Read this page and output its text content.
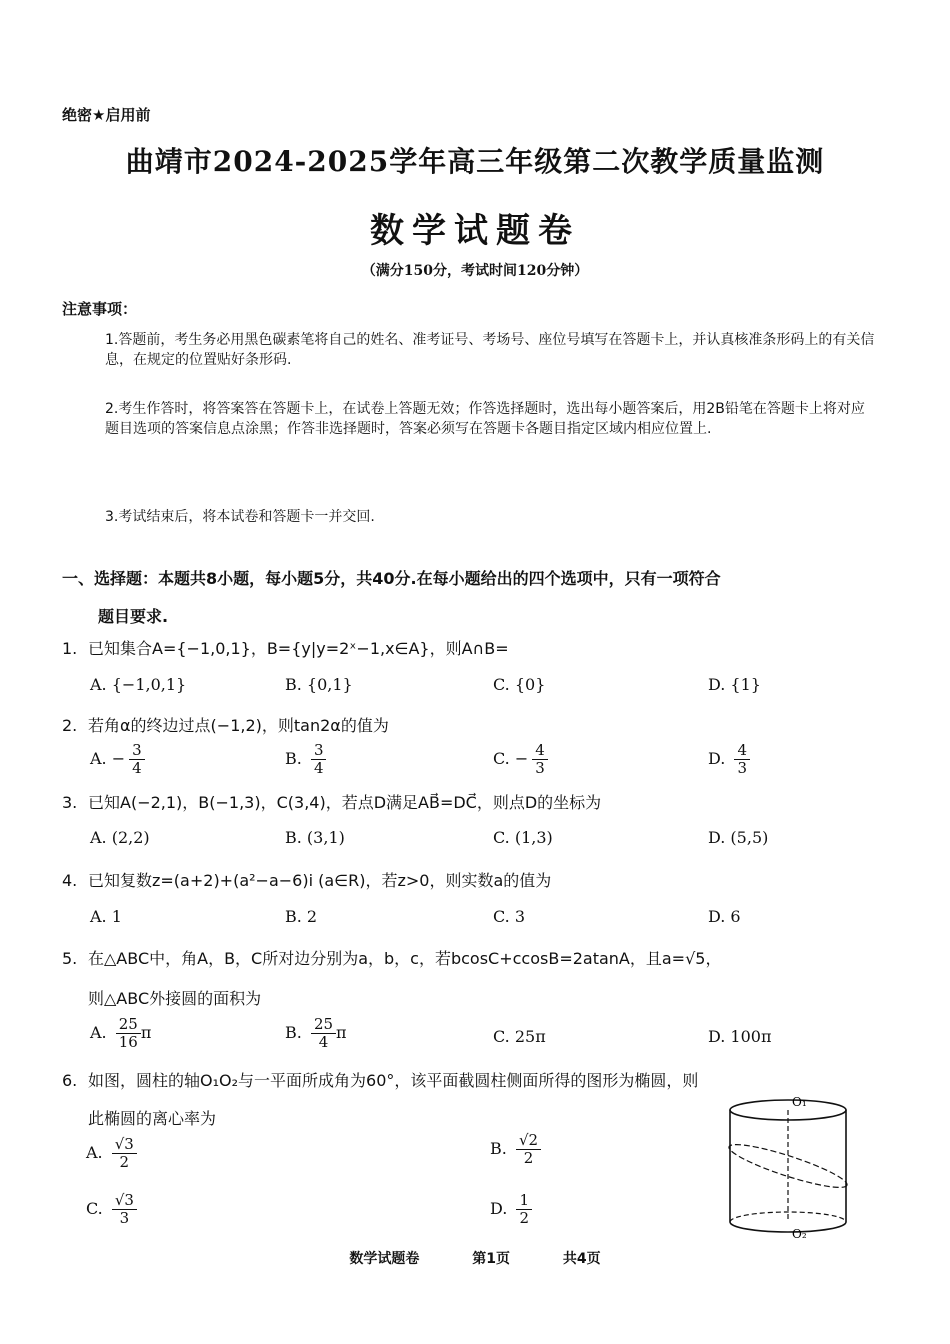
绝密★启用前
曲靖市2024-2025学年高三年级第二次教学质量监测
数学试题卷
（满分150分，考试时间120分钟）
注意事项：
1.答题前，考生务必用黑色碳素笔将自己的姓名、准考证号、考场号、座位号填写在答题卡上，并认真核准条形码上的有关信息，在规定的位置贴好条形码.
2.考生作答时，将答案答在答题卡上，在试卷上答题无效；作答选择题时，选出每小题答案后，用2B铅笔在答题卡上将对应题目选项的答案信息点涂黑；作答非选择题时，答案必须写在答题卡各题目指定区域内相应位置上.
3.考试结束后，将本试卷和答题卡一并交回.
一、选择题：本题共8小题，每小题5分，共40分.在每小题给出的四个选项中，只有一项符合
题目要求.
1. 已知集合A={−1,0,1}，B={y|y=2ˣ−1,x∈A}，则A∩B=
A. {−1,0,1}	B. {0,1}	C. {0}	D. {1}
2. 若角α的终边过点(−1,2)，则tan2α的值为
A. − $\frac{3}{4}$	B. $\frac{3}{4}$	C. − $\frac{4}{3}$	D. $\frac{4}{3}$
3. 已知A(−2,1)，B(−1,3)，C(3,4)，若点D满足AB⃗=DC⃗，则点D的坐标为
A. (2,2)	B. (3,1)	C. (1,3)	D. (5,5)
4. 已知复数z=(a+2)+(a²−a−6)i (a∈R)，若z>0，则实数a的值为
A. 1	B. 2	C. 3	D. 6
5. 在△ABC中，角A，B，C所对边分别为a，b，c，若bcosC+ccosB=2atanA，且a=√5，
则△ABC外接圆的面积为
A. $\frac{25}{16}$ π	B. $\frac{25}{4}$ π	C. 25π	D. 100π
6. 如图，圆柱的轴O₁O₂与一平面所成角为60°，该平面截圆柱侧面所得的图形为椭圆，则
此椭圆的离心率为
A. $\frac{√3}{2}$	B. $\frac{√2}{2}$
C. $\frac{√3}{3}$	D. $\frac{1}{2}$
O₁
O₂
数学试题卷	第1页	共4页
